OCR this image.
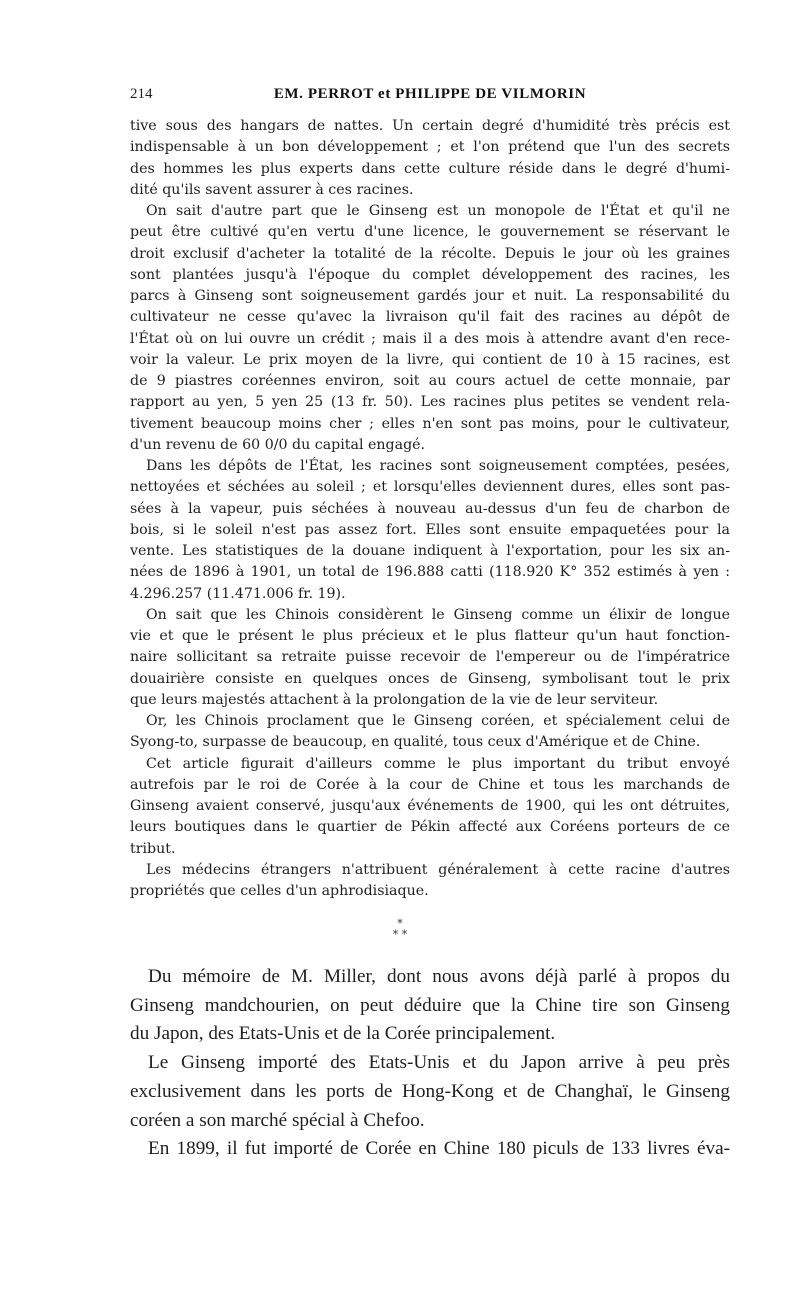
214	EM. PERROT et PHILIPPE DE VILMORIN
tive sous des hangars de nattes. Un certain degré d'humidité très précis est
indispensable à un bon développement ; et l'on prétend que l'un des secrets
des hommes les plus experts dans cette culture réside dans le degré d'humi-
dité qu'ils savent assurer à ces racines.
On sait d'autre part que le Ginseng est un monopole de l'État et qu'il ne
peut être cultivé qu'en vertu d'une licence, le gouvernement se réservant le
droit exclusif d'acheter la totalité de la récolte. Depuis le jour où les graines
sont plantées jusqu'à l'époque du complet développement des racines, les
parcs à Ginseng sont soigneusement gardés jour et nuit. La responsabilité du
cultivateur ne cesse qu'avec la livraison qu'il fait des racines au dépôt de
l'État où on lui ouvre un crédit ; mais il a des mois à attendre avant d'en rece-
voir la valeur. Le prix moyen de la livre, qui contient de 10 à 15 racines, est
de 9 piastres coréennes environ, soit au cours actuel de cette monnaie, par
rapport au yen, 5 yen 25 (13 fr. 50). Les racines plus petites se vendent rela-
tivement beaucoup moins cher ; elles n'en sont pas moins, pour le cultivateur,
d'un revenu de 60 0/0 du capital engagé.
Dans les dépôts de l'État, les racines sont soigneusement comptées, pesées,
nettoyées et séchées au soleil ; et lorsqu'elles deviennent dures, elles sont pas-
sées à la vapeur, puis séchées à nouveau au-dessus d'un feu de charbon de
bois, si le soleil n'est pas assez fort. Elles sont ensuite empaquetées pour la
vente. Les statistiques de la douane indiquent à l'exportation, pour les six an-
nées de 1896 à 1901, un total de 196.888 catti (118.920 K° 352 estimés à yen :
4.296.257 (11.471.006 fr. 19).
On sait que les Chinois considèrent le Ginseng comme un élixir de longue
vie et que le présent le plus précieux et le plus flatteur qu'un haut fonction-
naire sollicitant sa retraite puisse recevoir de l'empereur ou de l'impératrice
douairière consiste en quelques onces de Ginseng, symbolisant tout le prix
que leurs majestés attachent à la prolongation de la vie de leur serviteur.
Or, les Chinois proclament que le Ginseng coréen, et spécialement celui de
Syong-to, surpasse de beaucoup, en qualité, tous ceux d'Amérique et de Chine.
Cet article figurait d'ailleurs comme le plus important du tribut envoyé
autrefois par le roi de Corée à la cour de Chine et tous les marchands de
Ginseng avaient conservé, jusqu'aux événements de 1900, qui les ont détruites,
leurs boutiques dans le quartier de Pékin affecté aux Coréens porteurs de ce
tribut.
Les médecins étrangers n'attribuent généralement à cette racine d'autres
propriétés que celles d'un aphrodisiaque.
*
* *
Du mémoire de M. Miller, dont nous avons déjà parlé à propos du
Ginseng mandchourien, on peut déduire que la Chine tire son Ginseng
du Japon, des Etats-Unis et de la Corée principalement.
Le Ginseng importé des Etats-Unis et du Japon arrive à peu près
exclusivement dans les ports de Hong-Kong et de Changhaï, le Ginseng
coréen a son marché spécial à Chefoo.
En 1899, il fut importé de Corée en Chine 180 piculs de 133 livres éva-
